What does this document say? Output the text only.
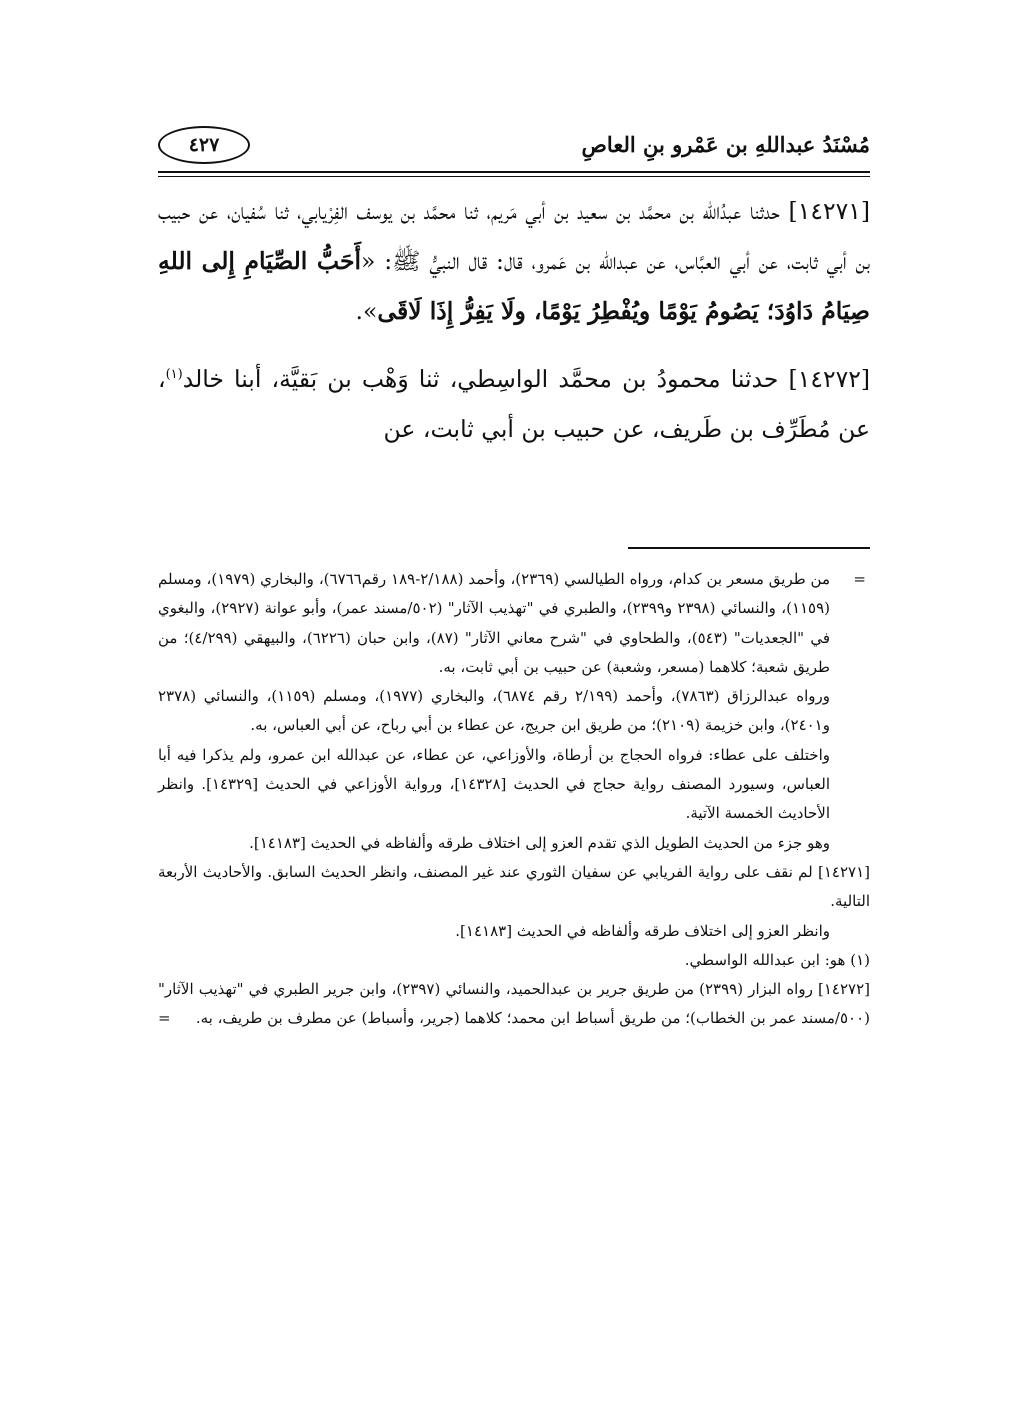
مُسْنَدُ عبداللهِ بن عَمْرو بنِ العاصِ
٤٢٧

[١٤٢٧١] حدثنا عبدُالله بن محمَّد بن سعيد بن أبي مَريم، ثنا محمَّد بن يوسف الفِرْيابي، ثنا سُفيان، عن حبيب بن أبي ثابت، عن أبي العبَّاس، عن عبدالله بن عَمرو، قال: قال النبيُّ ﷺ: «أَحَبُّ الصِّيَامِ إِلى اللهِ صِيَامُ دَاوُدَ؛ يَصُومُ يَوْمًا ويُفْطِرُ يَوْمًا، ولَا يَفِرُّ إِذَا لَاقَى».

[١٤٢٧٢] حدثنا محمودُ بن محمَّد الواسِطي، ثنا وَهْب بن بَقيَّة، أبنا خالد$^{(١)}$، عن مُطَرِّف بن طَريف، عن حبيب بن أبي ثابت، عن

=
من طريق مسعر بن كدام، ورواه الطيالسي (٢٣٦٩)، وأحمد (٢/١٨٨-١٨٩ رقم٦٧٦٦)، والبخاري (١٩٧٩)، ومسلم (١١٥٩)، والنسائي (٢٣٩٨ و٢٣٩٩)، والطبري في "تهذيب الآثار" (٥٠٢/مسند عمر)، وأبو عوانة (٢٩٢٧)، والبغوي في "الجعديات" (٥٤٣)، والطحاوي في "شرح معاني الآثار" (٨٧)، وابن حبان (٦٢٢٦)، والبيهقي (٤/٢٩٩)؛ من طريق شعبة؛ كلاهما (مسعر، وشعبة) عن حبيب بن أبي ثابت، به.
ورواه عبدالرزاق (٧٨٦٣)، وأحمد (٢/١٩٩ رقم ٦٨٧٤)، والبخاري (١٩٧٧)، ومسلم (١١٥٩)، والنسائي (٢٣٧٨ و٢٤٠١)، وابن خزيمة (٢١٠٩)؛ من طريق ابن جريج، عن عطاء بن أبي رباح، عن أبي العباس، به.
واختلف على عطاء: فرواه الحجاج بن أرطاة، والأوزاعي، عن عطاء، عن عبدالله ابن عمرو، ولم يذكرا فيه أبا العباس، وسيورد المصنف رواية حجاج في الحديث [١٤٣٢٨]، ورواية الأوزاعي في الحديث [١٤٣٢٩]. وانظر الأحاديث الخمسة الآتية.
وهو جزء من الحديث الطويل الذي تقدم العزو إلى اختلاف طرقه وألفاظه في الحديث [١٤١٨٣].
[١٤٢٧١] لم نقف على رواية الفريابي عن سفيان الثوري عند غير المصنف، وانظر الحديث السابق. والأحاديث الأربعة التالية.
وانظر العزو إلى اختلاف طرقه وألفاظه في الحديث [١٤١٨٣].
(١) هو: ابن عبدالله الواسطي.
[١٤٢٧٢] رواه البزار (٢٣٩٩) من طريق جرير بن عبدالحميد، والنسائي (٢٣٩٧)، وابن جرير الطبري في "تهذيب الآثار" (٥٠٠/مسند عمر بن الخطاب)؛ من طريق أسباط ابن محمد؛ كلاهما (جرير، وأسباط) عن مطرف بن طريف، به.
=
